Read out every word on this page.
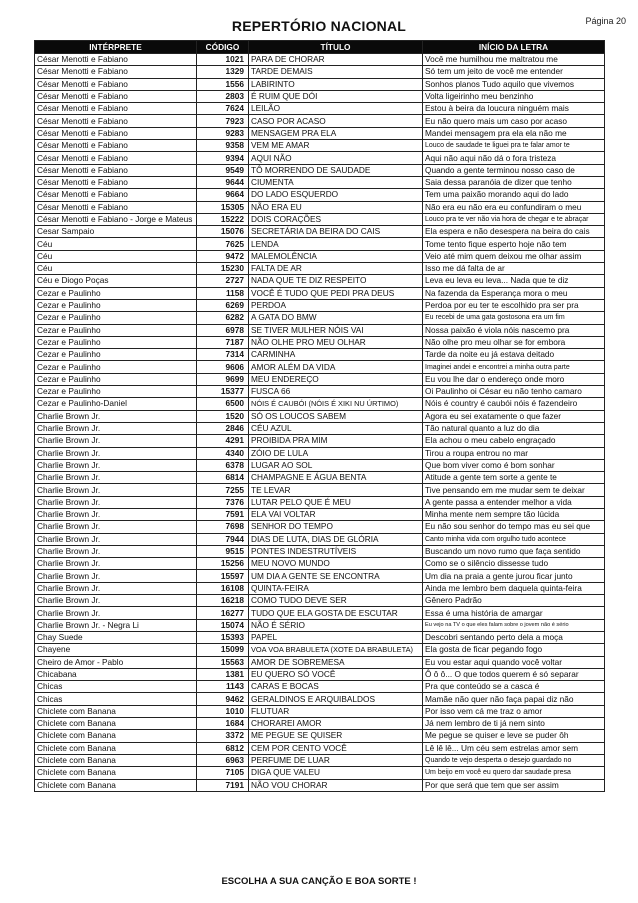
REPERTÓRIO NACIONAL	Página 20
INTÉRPRETE	CÓDIGO	TÍTULO	INÍCIO DA LETRA
César Menotti e Fabiano	1021	PARA DE CHORAR	Você me humilhou me maltratou me
César Menotti e Fabiano	1329	TARDE DEMAIS	Só tem um jeito de você me entender
César Menotti e Fabiano	1556	LABIRINTO	Sonhos planos Tudo aquilo que vivemos
César Menotti e Fabiano	2803	É RUIM QUE DÓI	Volta ligeirinho meu benzinho
César Menotti e Fabiano	7624	LEILÃO	Estou à beira da loucura ninguém mais
César Menotti e Fabiano	7923	CASO POR ACASO	Eu não quero mais um caso por acaso
César Menotti e Fabiano	9283	MENSAGEM PRA ELA	Mandei mensagem pra ela ela não me
César Menotti e Fabiano	9358	VEM ME AMAR	Louco de saudade te liguei pra te falar amor te
César Menotti e Fabiano	9394	AQUI NÃO	Aqui não aqui não dá o fora tristeza
César Menotti e Fabiano	9549	TÔ MORRENDO DE SAUDADE	Quando a gente terminou nosso caso de
César Menotti e Fabiano	9644	CIUMENTA	Saia dessa paranóia de dizer que tenho
César Menotti e Fabiano	9664	DO LADO ESQUERDO	Tem uma paixão morando aqui do lado
César Menotti e Fabiano	15305	NÃO ERA EU	Não era eu não era eu confundiram o meu
César Menotti e Fabiano - Jorge e Mateus	15222	DOIS CORAÇÕES	Louco pra te ver não via hora de chegar e te abraçar
Cesar Sampaio	15076	SECRETÁRIA DA BEIRA DO CAIS	Ela espera e não desespera na beira do cais
Céu	7625	LENDA	Tome tento fique esperto hoje não tem
Céu	9472	MALEMOLÊNCIA	Veio até mim quem deixou me olhar assim
Céu	15230	FALTA DE AR	Isso me dá falta de ar
Céu e Diogo Poças	2727	NADA QUE TE DIZ RESPEITO	Leva eu leva eu leva... Nada que te diz
Cezar e Paulinho	1158	VOCÊ É TUDO QUE PEDI PRA DEUS	Na fazenda da Esperança mora o meu
Cezar e Paulinho	6269	PERDOA	Perdoa por eu ter te escolhido pra ser pra
Cezar e Paulinho	6282	A GATA DO BMW	Eu recebi de uma gata gostosona era um fim
Cezar e Paulinho	6978	SE TIVER MULHER NÓIS VAI	Nossa paixão é viola nóis nascemo pra
Cezar e Paulinho	7187	NÃO OLHE PRO MEU OLHAR	Não olhe pro meu olhar se for embora
Cezar e Paulinho	7314	CARMINHA	Tarde da noite eu já estava deitado
Cezar e Paulinho	9606	AMOR ALÉM DA VIDA	Imaginei andei e encontrei a minha outra parte
Cezar e Paulinho	9699	MEU ENDEREÇO	Eu vou lhe dar o endereço onde moro
Cezar e Paulinho	15377	FUSCA 66	Oi Paulinho oi César eu não tenho camaro
Cezar e Paulinho-Daniel	6500	NÓIS É CAUBÓI (NÓIS É XIKI NU ÚRTIMO)	Nóis é country é caubói nóis é fazendeiro
Charlie Brown Jr.	1520	SÓ OS LOUCOS SABEM	Agora eu sei exatamente o que fazer
Charlie Brown Jr.	2846	CÉU AZUL	Tão natural quanto a luz do dia
Charlie Brown Jr.	4291	PROIBIDA PRA MIM	Ela achou o meu cabelo engraçado
Charlie Brown Jr.	4340	ZÓIO DE LULA	Tirou a roupa entrou no mar
Charlie Brown Jr.	6378	LUGAR AO SOL	Que bom viver como é bom sonhar
Charlie Brown Jr.	6814	CHAMPAGNE E ÁGUA BENTA	Atitude a gente tem sorte a gente te
Charlie Brown Jr.	7255	TE LEVAR	Tive pensando em me mudar sem te deixar
Charlie Brown Jr.	7376	LUTAR PELO QUE É MEU	A gente passa a entender melhor a vida
Charlie Brown Jr.	7591	ELA VAI VOLTAR	Minha mente nem sempre tão lúcida
Charlie Brown Jr.	7698	SENHOR DO TEMPO	Eu não sou senhor do tempo mas eu sei que
Charlie Brown Jr.	7944	DIAS DE LUTA, DIAS DE GLÓRIA	Canto minha vida com orgulho tudo acontece
Charlie Brown Jr.	9515	PONTES INDESTRUTÍVEIS	Buscando um novo rumo que faça sentido
Charlie Brown Jr.	15256	MEU NOVO MUNDO	Como se o silêncio dissesse tudo
Charlie Brown Jr.	15597	UM DIA A GENTE SE ENCONTRA	Um dia na praia a gente jurou ficar junto
Charlie Brown Jr.	16108	QUINTA-FEIRA	Ainda me lembro bem daquela quinta-feira
Charlie Brown Jr.	16218	COMO TUDO DEVE SER	Gênero Padrão
Charlie Brown Jr.	16277	TUDO QUE ELA GOSTA DE ESCUTAR	Essa é uma história de amargar
Charlie Brown Jr. - Negra Li	15074	NÃO É SÉRIO	Eu vejo na TV o que eles falam sobre o jovem não é sério
Chay Suede	15393	PAPEL	Descobri sentando perto dela a moça
Chayene	15099	VOA VOA BRABULETA (XOTE DA BRABULETA)	Ela gosta de ficar pegando fogo
Cheiro de Amor - Pablo	15563	AMOR DE SOBREMESA	Eu vou estar aqui quando você voltar
Chicabana	1381	EU QUERO SÓ VOCÊ	Ô ô ô... O que todos querem é só separar
Chicas	1143	CARAS E BOCAS	Pra que conteúdo se a casca é
Chicas	9462	GERALDINOS E ARQUIBALDOS	Mamãe não quer não faça papai diz não
Chiclete com Banana	1010	FLUTUAR	Por isso vem cá me traz o amor
Chiclete com Banana	1684	CHORAREI AMOR	Já nem lembro de ti já nem sinto
Chiclete com Banana	3372	ME PEGUE SE QUISER	Me pegue se quiser e leve se puder ôh
Chiclete com Banana	6812	CEM POR CENTO VOCÊ	Lê lê lê... Um céu sem estrelas amor sem
Chiclete com Banana	6963	PERFUME DE LUAR	Quando te vejo desperta o desejo guardado no
Chiclete com Banana	7105	DIGA QUE VALEU	Um beijo em você eu quero dar saudade presa
Chiclete com Banana	7191	NÃO VOU CHORAR	Por que será que tem que ser assim
ESCOLHA A SUA CANÇÃO E BOA SORTE !
